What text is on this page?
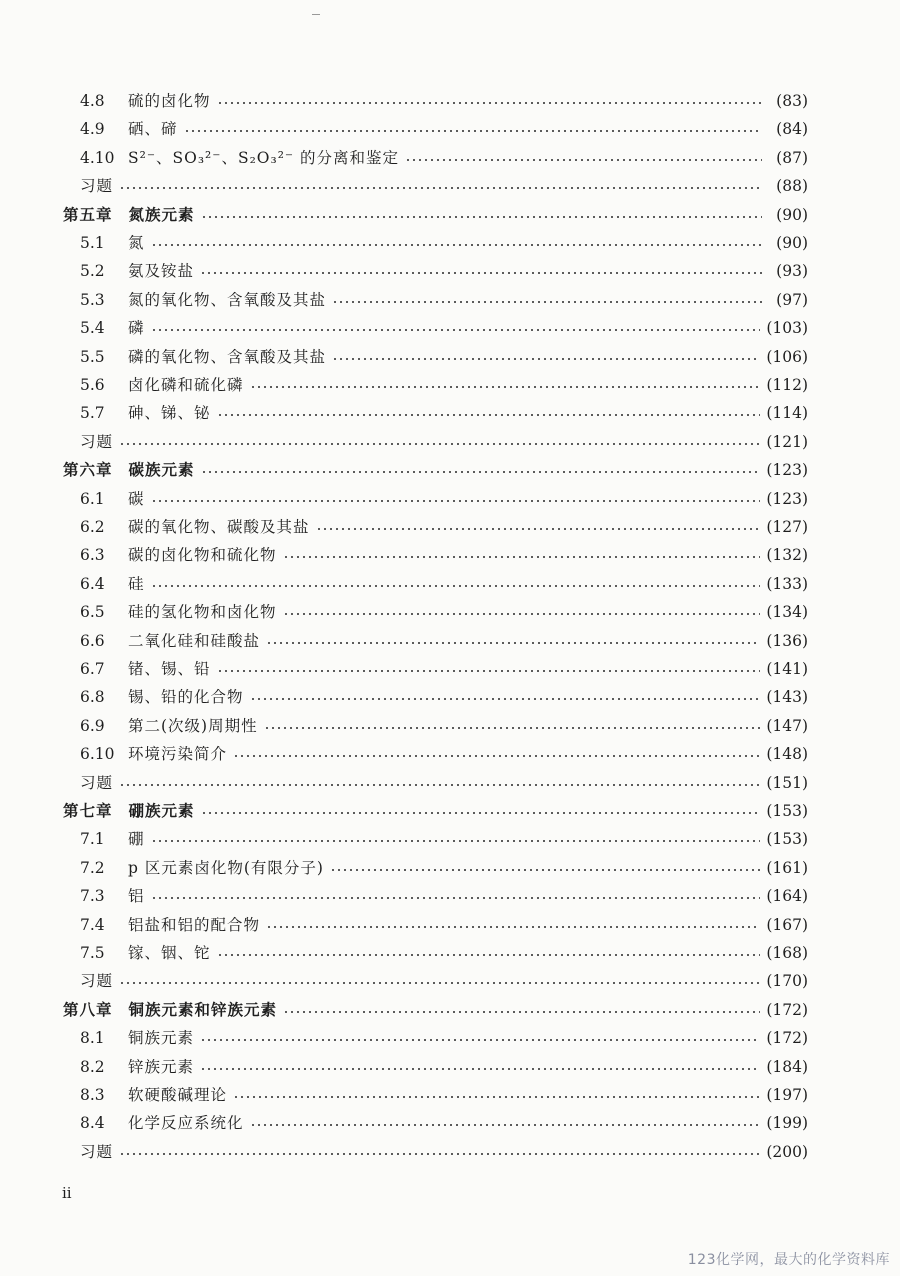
4.8	硫的卤化物	(83)
4.9	硒、碲	(84)
4.10 S²⁻、SO₃²⁻、S₂O₃²⁻ 的分离和鉴定	(87)
习题	(88)
第五章 氮族元素	(90)
5.1	氮	(90)
5.2	氨及铵盐	(93)
5.3	氮的氧化物、含氧酸及其盐	(97)
5.4	磷	(103)
5.5	磷的氧化物、含氧酸及其盐	(106)
5.6	卤化磷和硫化磷	(112)
5.7	砷、锑、铋	(114)
习题	(121)
第六章 碳族元素	(123)
6.1	碳	(123)
6.2	碳的氧化物、碳酸及其盐	(127)
6.3	碳的卤化物和硫化物	(132)
6.4	硅	(133)
6.5	硅的氢化物和卤化物	(134)
6.6	二氧化硅和硅酸盐	(136)
6.7	锗、锡、铅	(141)
6.8	锡、铅的化合物	(143)
6.9	第二(次级)周期性	(147)
6.10 环境污染简介	(148)
习题	(151)
第七章 硼族元素	(153)
7.1	硼	(153)
7.2	p 区元素卤化物(有限分子)	(161)
7.3	铝	(164)
7.4	铝盐和铝的配合物	(167)
7.5	镓、铟、铊	(168)
习题	(170)
第八章 铜族元素和锌族元素	(172)
8.1	铜族元素	(172)
8.2	锌族元素	(184)
8.3	软硬酸碱理论	(197)
8.4	化学反应系统化	(199)
习题	(200)
ii
123化学网，最大的化学资料库
